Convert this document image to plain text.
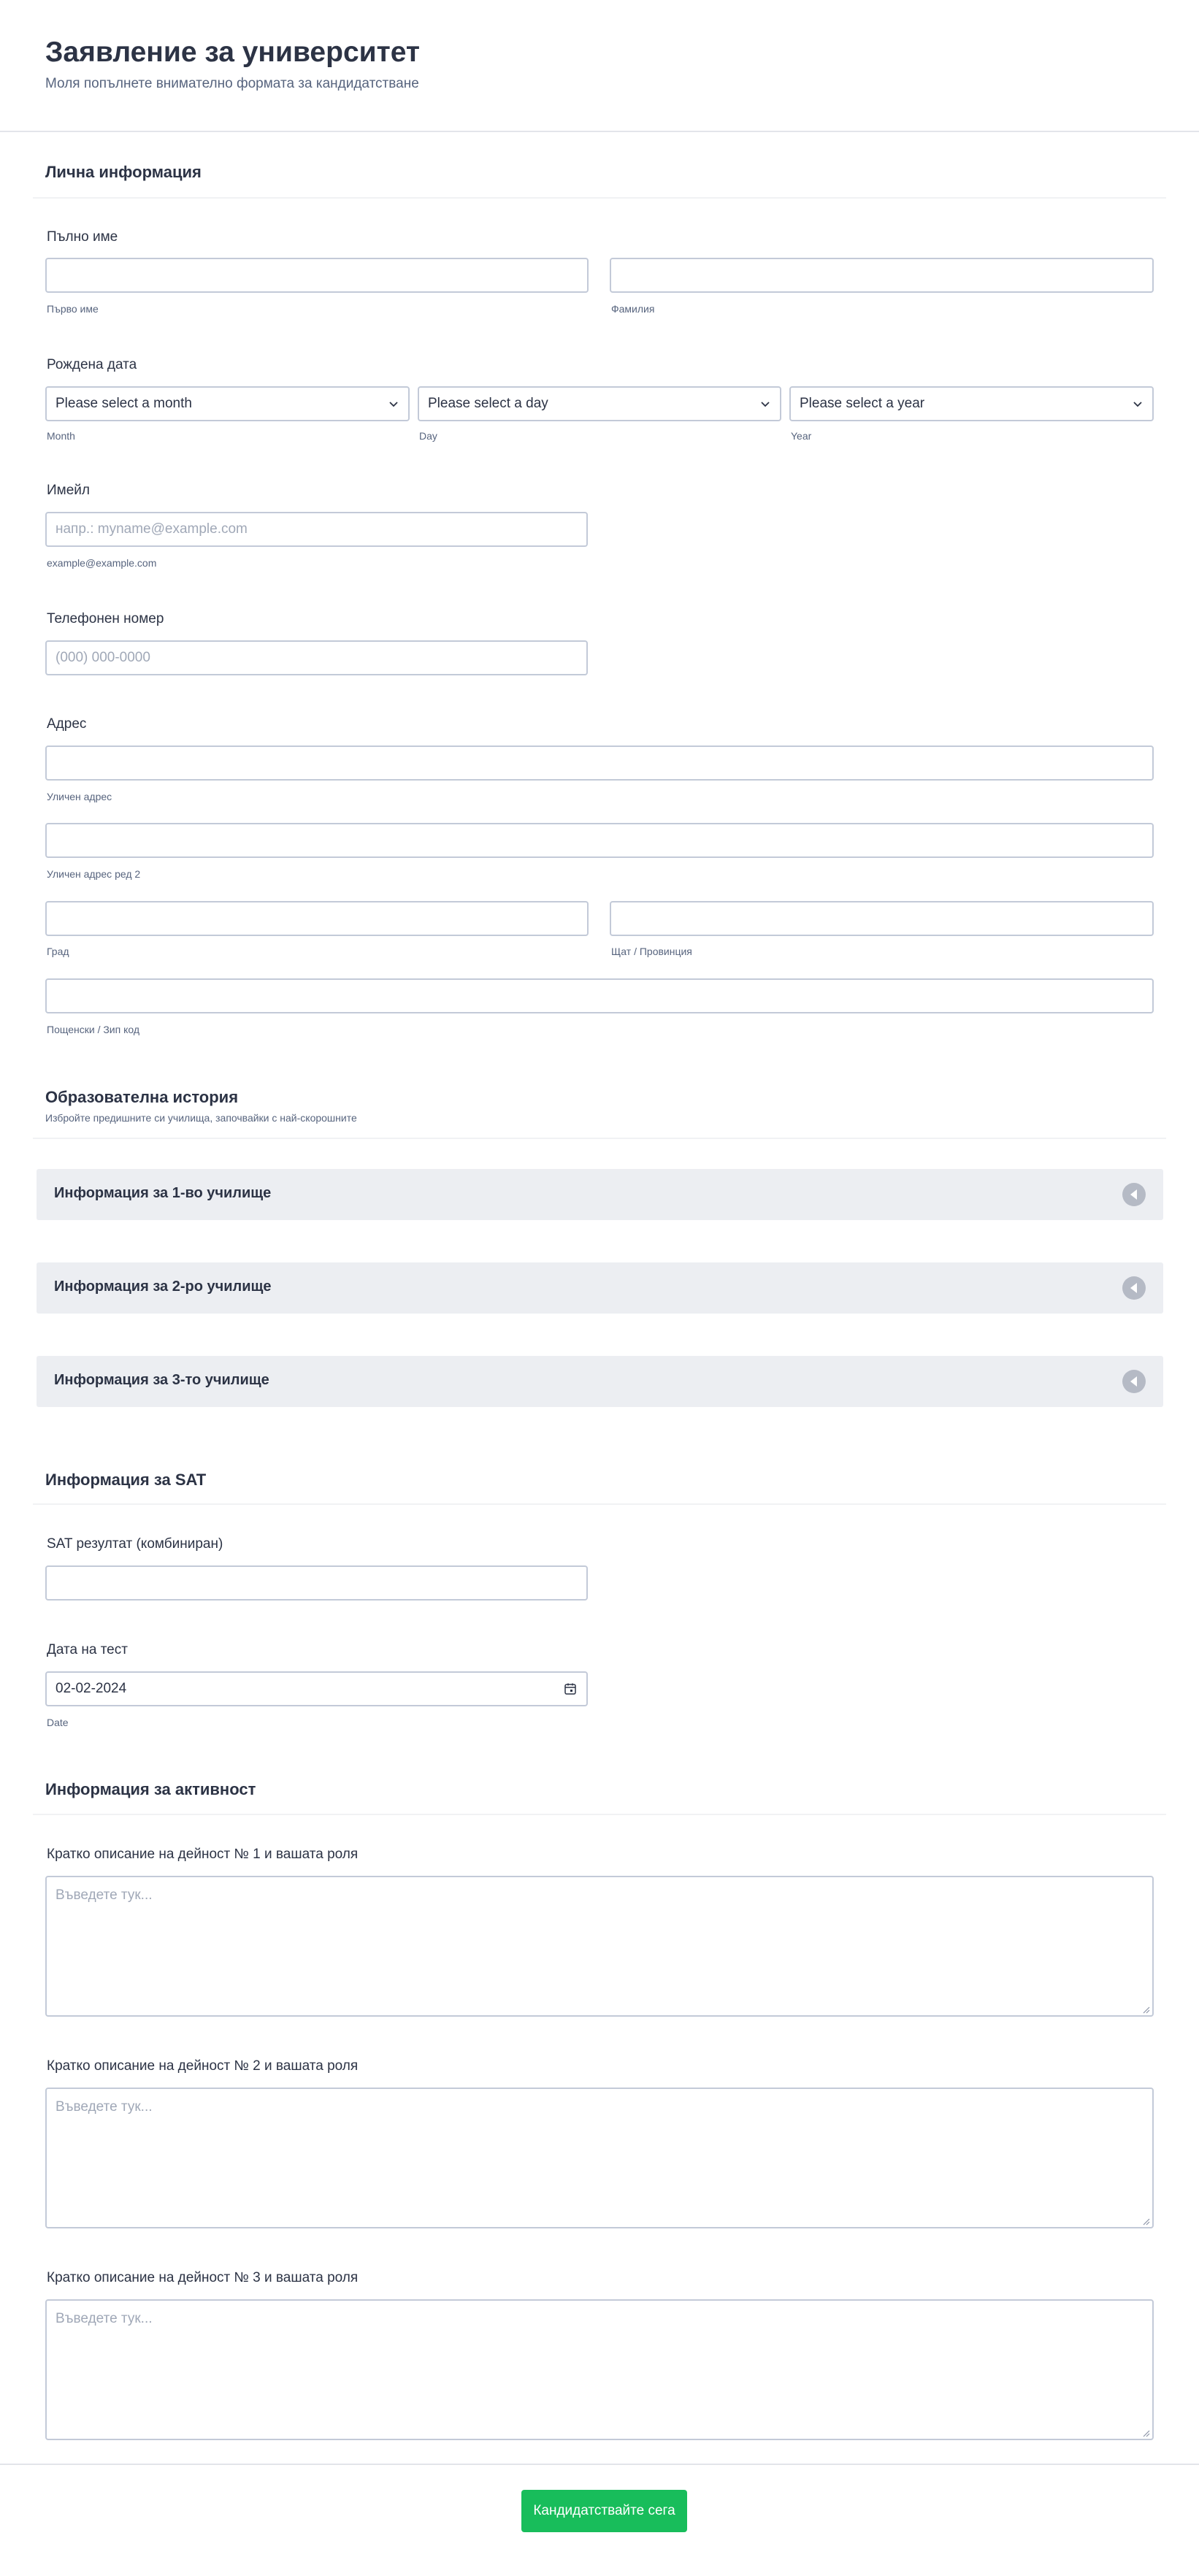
Заявление за университет
Моля попълнете внимателно формата за кандидатстване
Лична информация
Пълно име
Първо име	Фамилия
Рождена дата
Please select a month	Please select a day	Please select a year
Month	Day	Year
Имейл
напр.: myname@example.com
example@example.com
Телефонен номер
(000) 000-0000
Адрес
Уличен адрес
Уличен адрес ред 2
Град	Щат / Провинция
Пощенски / Зип код
Образователна история
Избройте предишните си училища, започвайки с най-скорошните
Информация за 1-во училище
Информация за 2-ро училище
Информация за 3-то училище
Информация за SAT
SAT резултат (комбиниран)
Дата на тест
02-02-2024
Date
Информация за активност
Кратко описание на дейност № 1 и вашата роля
Въведете тук...
Кратко описание на дейност № 2 и вашата роля
Въведете тук...
Кратко описание на дейност № 3 и вашата роля
Въведете тук...
Кандидатствайте сега
